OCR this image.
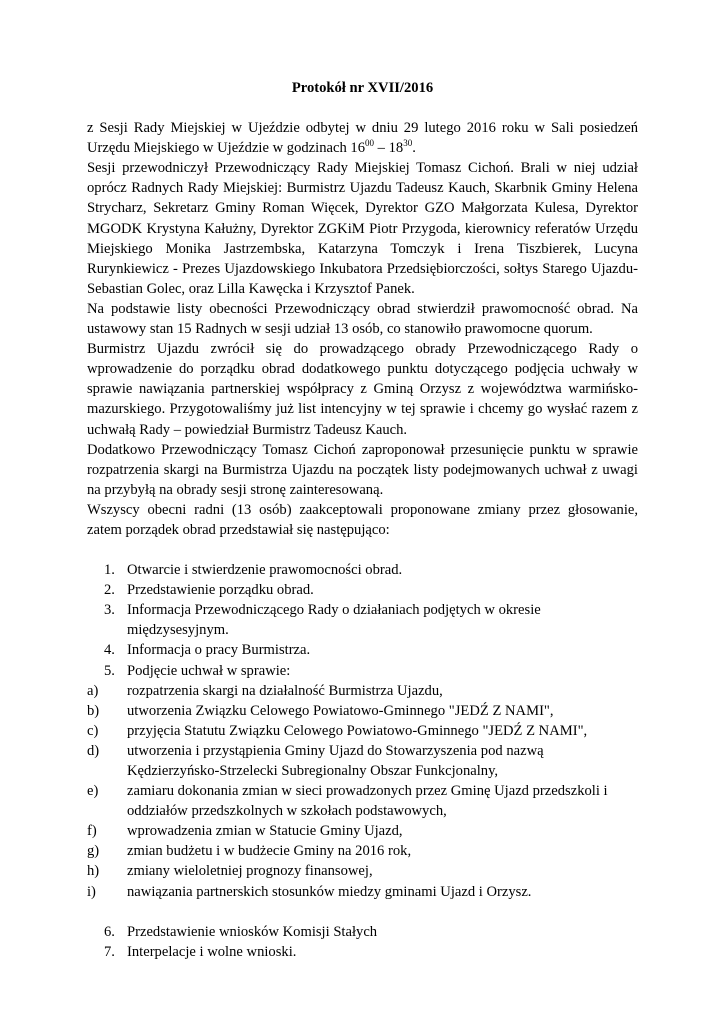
Protokół nr XVII/2016

z Sesji Rady Miejskiej w Ujeździe odbytej w dniu 29 lutego 2016 roku w Sali posiedzeń Urzędu Miejskiego w Ujeździe w godzinach $16^{00} - 18^{30}$.

Sesji przewodniczył Przewodniczący Rady Miejskiej Tomasz Cichoń. Brali w niej udział oprócz Radnych Rady Miejskiej: Burmistrz Ujazdu Tadeusz Kauch, Skarbnik Gminy Helena Strycharz, Sekretarz Gminy Roman Więcek, Dyrektor GZO Małgorzata Kulesa, Dyrektor MGODK Krystyna Kałużny, Dyrektor ZGKiM Piotr Przygoda, kierownicy referatów Urzędu Miejskiego Monika Jastrzembska, Katarzyna Tomczyk i Irena Tiszbierek, Lucyna Rurynkiewicz - Prezes Ujazdowskiego Inkubatora Przedsiębiorczości, sołtys Starego Ujazdu- Sebastian Golec, oraz Lilla Kawęcka i Krzysztof Panek.

Na podstawie listy obecności Przewodniczący obrad stwierdził prawomocność obrad. Na ustawowy stan 15 Radnych w sesji udział 13 osób, co stanowiło prawomocne quorum.

Burmistrz Ujazdu zwrócił się do prowadzącego obrady Przewodniczącego Rady o wprowadzenie do porządku obrad dodatkowego punktu dotyczącego podjęcia uchwały w sprawie nawiązania partnerskiej współpracy z Gminą Orzysz z województwa warmińsko-mazurskiego. Przygotowaliśmy już list intencyjny w tej sprawie i chcemy go wysłać razem z uchwałą Rady – powiedział Burmistrz Tadeusz Kauch.

Dodatkowo Przewodniczący Tomasz Cichoń zaproponował przesunięcie punktu w sprawie rozpatrzenia skargi na Burmistrza Ujazdu na początek listy podejmowanych uchwał z uwagi na przybyłą na obrady sesji stronę zainteresowaną.

Wszyscy obecni radni (13 osób) zaakceptowali proponowane zmiany przez głosowanie, zatem porządek obrad przedstawiał się następująco:

1. Otwarcie i stwierdzenie prawomocności obrad.
2. Przedstawienie porządku obrad.
3. Informacja Przewodniczącego Rady o działaniach podjętych w okresie międzysesyjnym.
4. Informacja o pracy Burmistrza.
5. Podjęcie uchwał w sprawie:
a)	rozpatrzenia skargi na działalność Burmistrza Ujazdu,
b)	utworzenia Związku Celowego Powiatowo-Gminnego "JEDŹ Z NAMI",
c)	przyjęcia Statutu Związku Celowego Powiatowo-Gminnego "JEDŹ Z NAMI",
d)	utworzenia i przystąpienia Gminy Ujazd do Stowarzyszenia pod nazwą Kędzierzyńsko-Strzelecki Subregionalny Obszar Funkcjonalny,
e)	zamiaru dokonania zmian w sieci prowadzonych przez Gminę Ujazd przedszkoli i oddziałów przedszkolnych w szkołach podstawowych,
f)	wprowadzenia zmian w Statucie Gminy Ujazd,
g)	zmian budżetu i w budżecie Gminy na 2016 rok,
h)	zmiany wieloletniej prognozy finansowej,
i)	nawiązania partnerskich stosunków miedzy gminami Ujazd i Orzysz.
6. Przedstawienie wniosków Komisji Stałych
7. Interpelacje i wolne wnioski.
